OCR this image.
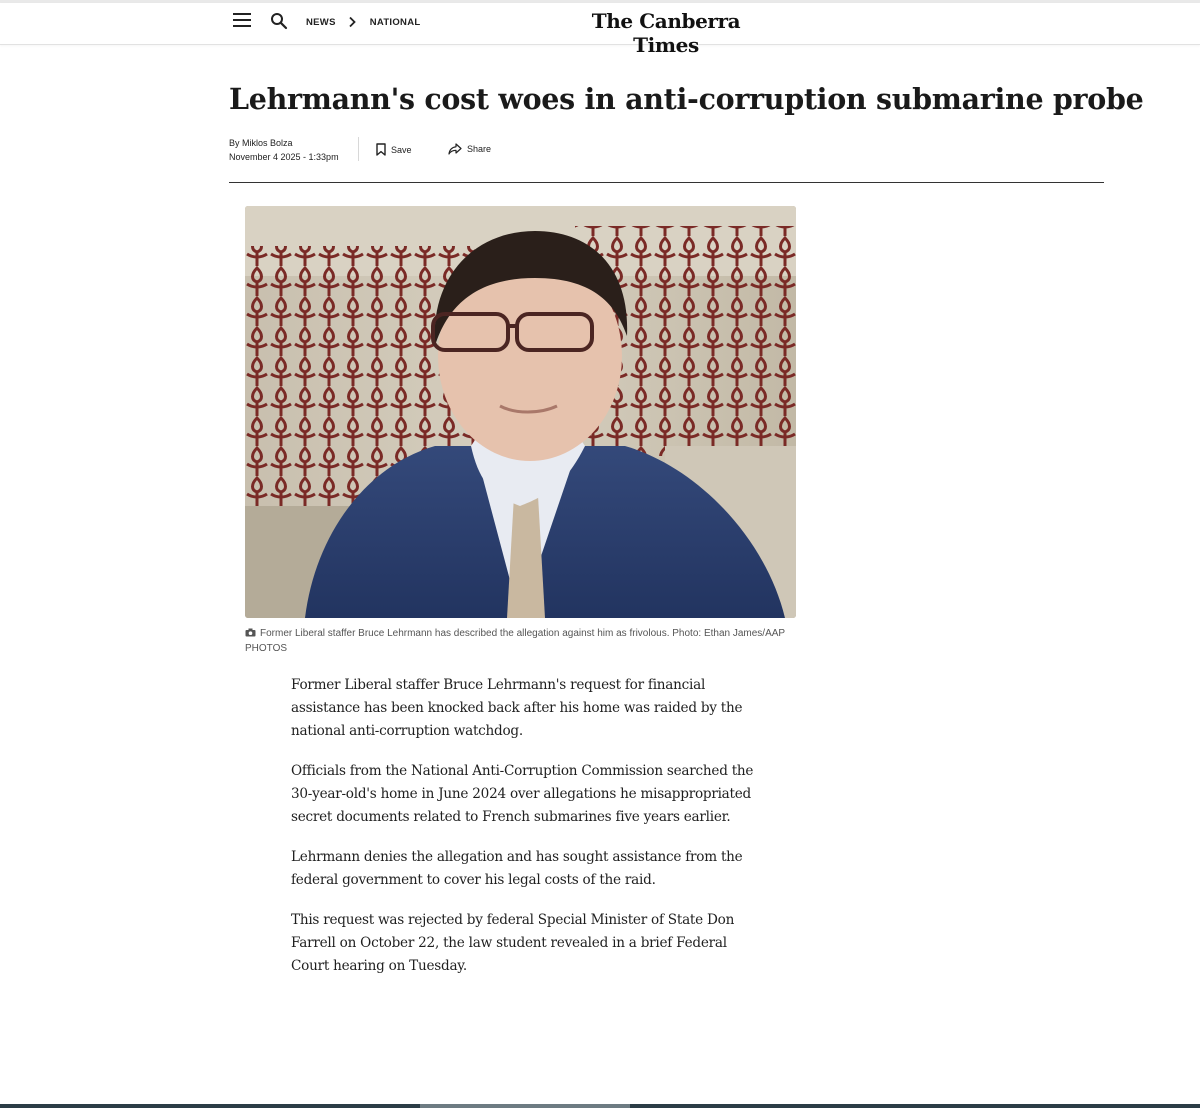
NEWS	NATIONAL	The Canberra Times
Lehrmann's cost woes in anti-corruption submarine probe
By Miklos Bolza
November 4 2025 - 1:33pm
Save	Share
Former Liberal staffer Bruce Lehrmann has described the allegation against him as frivolous. Photo: Ethan James/AAP PHOTOS

Former Liberal staffer Bruce Lehrmann's request for financial assistance has been knocked back after his home was raided by the national anti-corruption watchdog.

Officials from the National Anti-Corruption Commission searched the 30-year-old's home in June 2024 over allegations he misappropriated secret documents related to French submarines five years earlier.

Lehrmann denies the allegation and has sought assistance from the federal government to cover his legal costs of the raid.

This request was rejected by federal Special Minister of State Don Farrell on October 22, the law student revealed in a brief Federal Court hearing on Tuesday.
